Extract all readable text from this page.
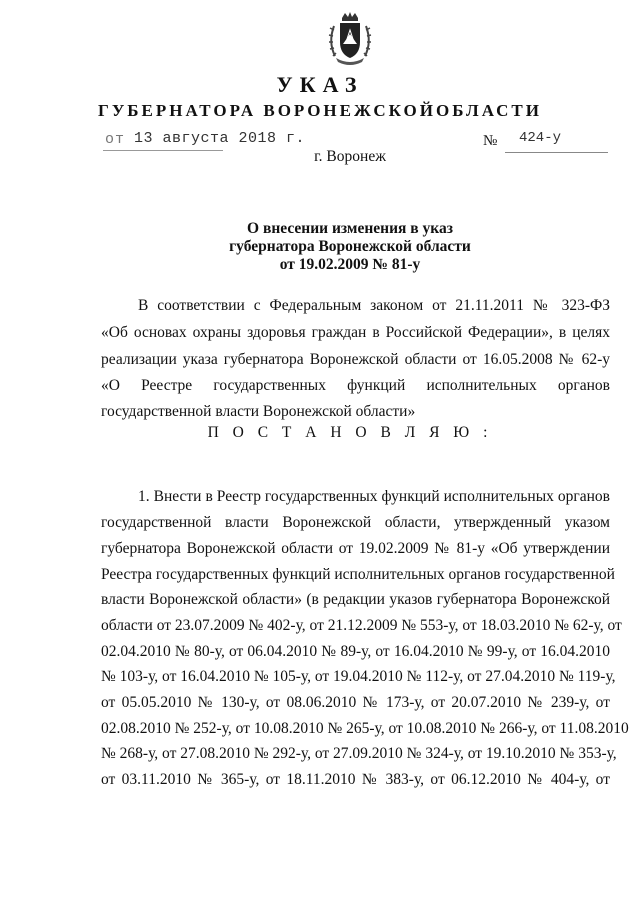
УКАЗ
ГУБЕРНАТОРА ВОРОНЕЖСКОЙОБЛАСТИ
от 13 августа 2018 г.	№ 424-у
г. Воронеж
О внесении изменения в указ
губернатора Воронежской области
от 19.02.2009 № 81-у
В соответствии с Федеральным законом от 21.11.2011 № 323-ФЗ
«Об основах охраны здоровья граждан в Российской Федерации», в целях
реализации указа губернатора Воронежской области от 16.05.2008 № 62-у
«О Реестре государственных функций исполнительных органов
государственной власти Воронежской области»
П О С Т А Н О В Л Я Ю :
1. Внести в Реестр государственных функций исполнительных органов
государственной власти Воронежской области, утвержденный указом
губернатора Воронежской области от 19.02.2009 № 81-у «Об утверждении
Реестра государственных функций исполнительных органов государственной
власти Воронежской области» (в редакции указов губернатора Воронежской
области от 23.07.2009 № 402-у, от 21.12.2009 № 553-у, от 18.03.2010 № 62-у, от
02.04.2010 № 80-у, от 06.04.2010 № 89-у, от 16.04.2010 № 99-у, от 16.04.2010
№ 103-у, от 16.04.2010 № 105-у, от 19.04.2010 № 112-у, от 27.04.2010 № 119-у,
от 05.05.2010 № 130-у, от 08.06.2010 № 173-у, от 20.07.2010 № 239-у, от
02.08.2010 № 252-у, от 10.08.2010 № 265-у, от 10.08.2010 № 266-у, от 11.08.2010
№ 268-у, от 27.08.2010 № 292-у, от 27.09.2010 № 324-у, от 19.10.2010 № 353-у,
от 03.11.2010 № 365-у, от 18.11.2010 № 383-у, от 06.12.2010 № 404-у, от
